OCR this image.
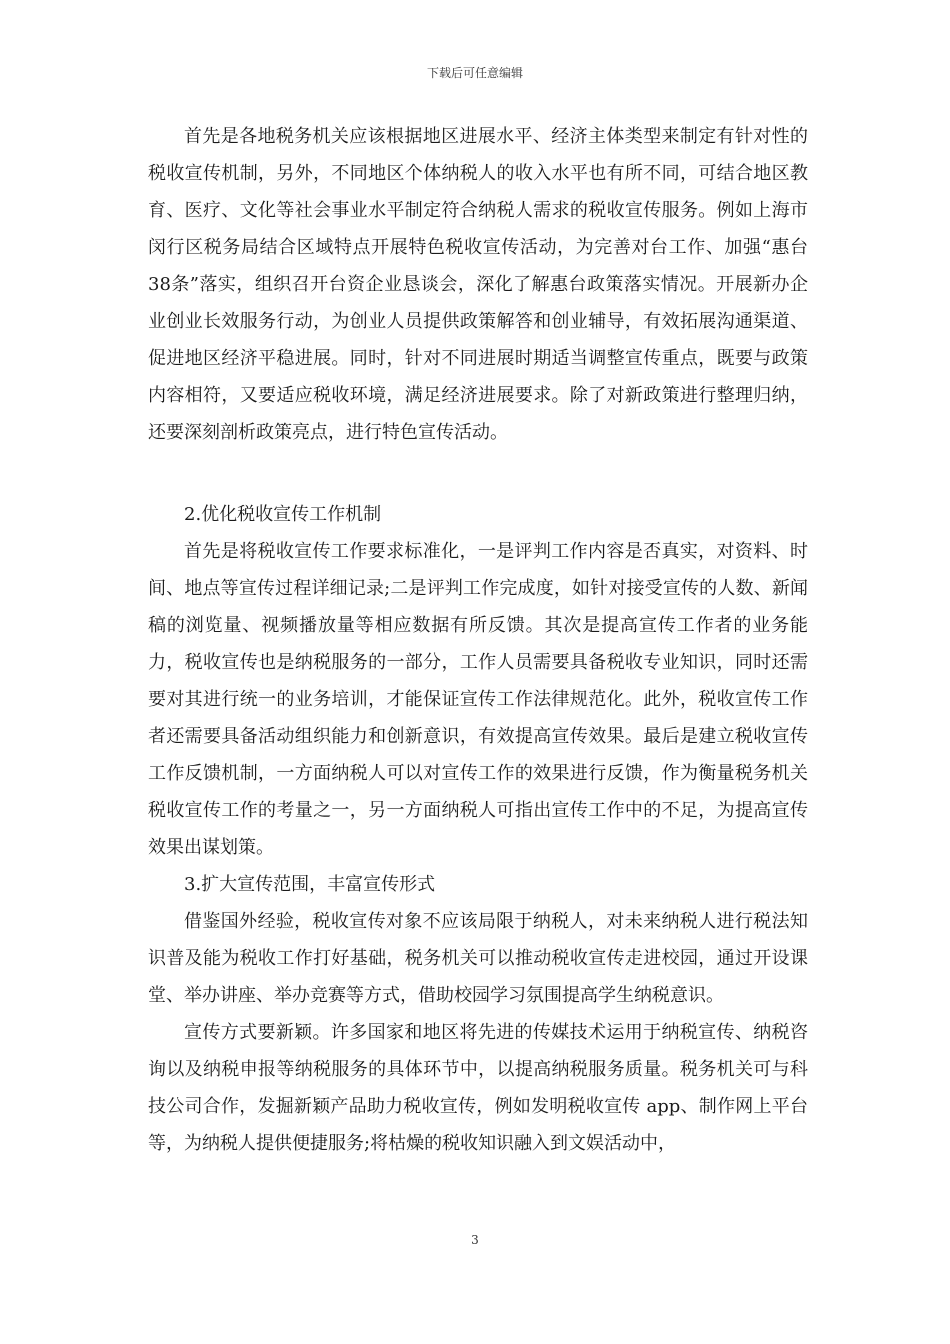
下载后可任意编辑

首先是各地税务机关应该根据地区进展水平、经济主体类型来制定有针对性的税收宣传机制，另外，不同地区个体纳税人的收入水平也有所不同，可结合地区教育、医疗、文化等社会事业水平制定符合纳税人需求的税收宣传服务。例如上海市闵行区税务局结合区域特点开展特色税收宣传活动，为完善对台工作、加强“惠台38条”落实，组织召开台资企业恳谈会，深化了解惠台政策落实情况。开展新办企业创业长效服务行动，为创业人员提供政策解答和创业辅导，有效拓展沟通渠道、促进地区经济平稳进展。同时，针对不同进展时期适当调整宣传重点，既要与政策内容相符，又要适应税收环境，满足经济进展要求。除了对新政策进行整理归纳，还要深刻剖析政策亮点，进行特色宣传活动。

2.优化税收宣传工作机制

首先是将税收宣传工作要求标准化，一是评判工作内容是否真实，对资料、时间、地点等宣传过程详细记录;二是评判工作完成度，如针对接受宣传的人数、新闻稿的浏览量、视频播放量等相应数据有所反馈。其次是提高宣传工作者的业务能力，税收宣传也是纳税服务的一部分，工作人员需要具备税收专业知识，同时还需要对其进行统一的业务培训，才能保证宣传工作法律规范化。此外，税收宣传工作者还需要具备活动组织能力和创新意识，有效提高宣传效果。最后是建立税收宣传工作反馈机制，一方面纳税人可以对宣传工作的效果进行反馈，作为衡量税务机关税收宣传工作的考量之一，另一方面纳税人可指出宣传工作中的不足，为提高宣传效果出谋划策。

3.扩大宣传范围，丰富宣传形式

借鉴国外经验，税收宣传对象不应该局限于纳税人，对未来纳税人进行税法知识普及能为税收工作打好基础，税务机关可以推动税收宣传走进校园，通过开设课堂、举办讲座、举办竞赛等方式，借助校园学习氛围提高学生纳税意识。

宣传方式要新颖。许多国家和地区将先进的传媒技术运用于纳税宣传、纳税咨询以及纳税申报等纳税服务的具体环节中，以提高纳税服务质量。税务机关可与科技公司合作，发掘新颖产品助力税收宣传，例如发明税收宣传 app、制作网上平台等，为纳税人提供便捷服务;将枯燥的税收知识融入到文娱活动中，

3
